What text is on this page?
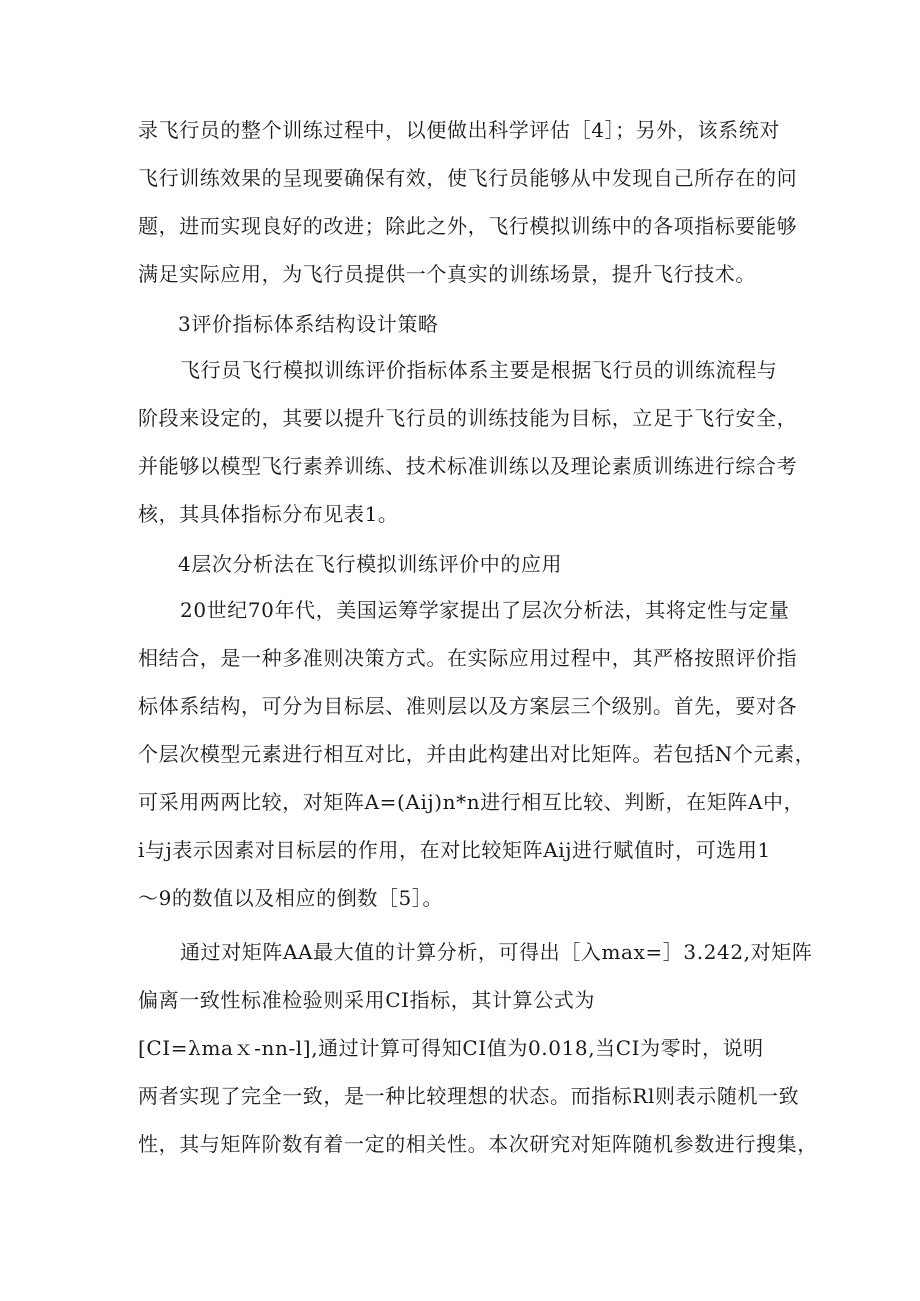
录飞行员的整个训练过程中，以便做出科学评估［4］；另外，该系统对
飞行训练效果的呈现要确保有效，使飞行员能够从中发现自己所存在的问
题，进而实现良好的改进；除此之外，飞行模拟训练中的各项指标要能够
满足实际应用，为飞行员提供一个真实的训练场景，提升飞行技术。
3评价指标体系结构设计策略
飞行员飞行模拟训练评价指标体系主要是根据飞行员的训练流程与
阶段来设定的，其要以提升飞行员的训练技能为目标，立足于飞行安全，
并能够以模型飞行素养训练、技术标准训练以及理论素质训练进行综合考
核，其具体指标分布见表1。
4层次分析法在飞行模拟训练评价中的应用
20世纪70年代，美国运筹学家提出了层次分析法，其将定性与定量
相结合，是一种多准则决策方式。在实际应用过程中，其严格按照评价指
标体系结构，可分为目标层、准则层以及方案层三个级别。首先，要对各
个层次模型元素进行相互对比，并由此构建出对比矩阵。若包括N个元素，
可采用两两比较，对矩阵A=(Aij)n*n进行相互比较、判断，在矩阵A中，
i与j表示因素对目标层的作用，在对比较矩阵Aij进行赋值时，可选用1
～9的数值以及相应的倒数［5］。
通过对矩阵AA最大值的计算分析，可得出［入max=］3.242,对矩阵
偏离一致性标准检验则采用CI指标，其计算公式为
[CI=λmaｘ-nn-l],通过计算可得知CI值为0.018,当CI为零时，说明
两者实现了完全一致，是一种比较理想的状态。而指标Rl则表示随机一致
性，其与矩阵阶数有着一定的相关性。本次研究对矩阵随机参数进行搜集，
